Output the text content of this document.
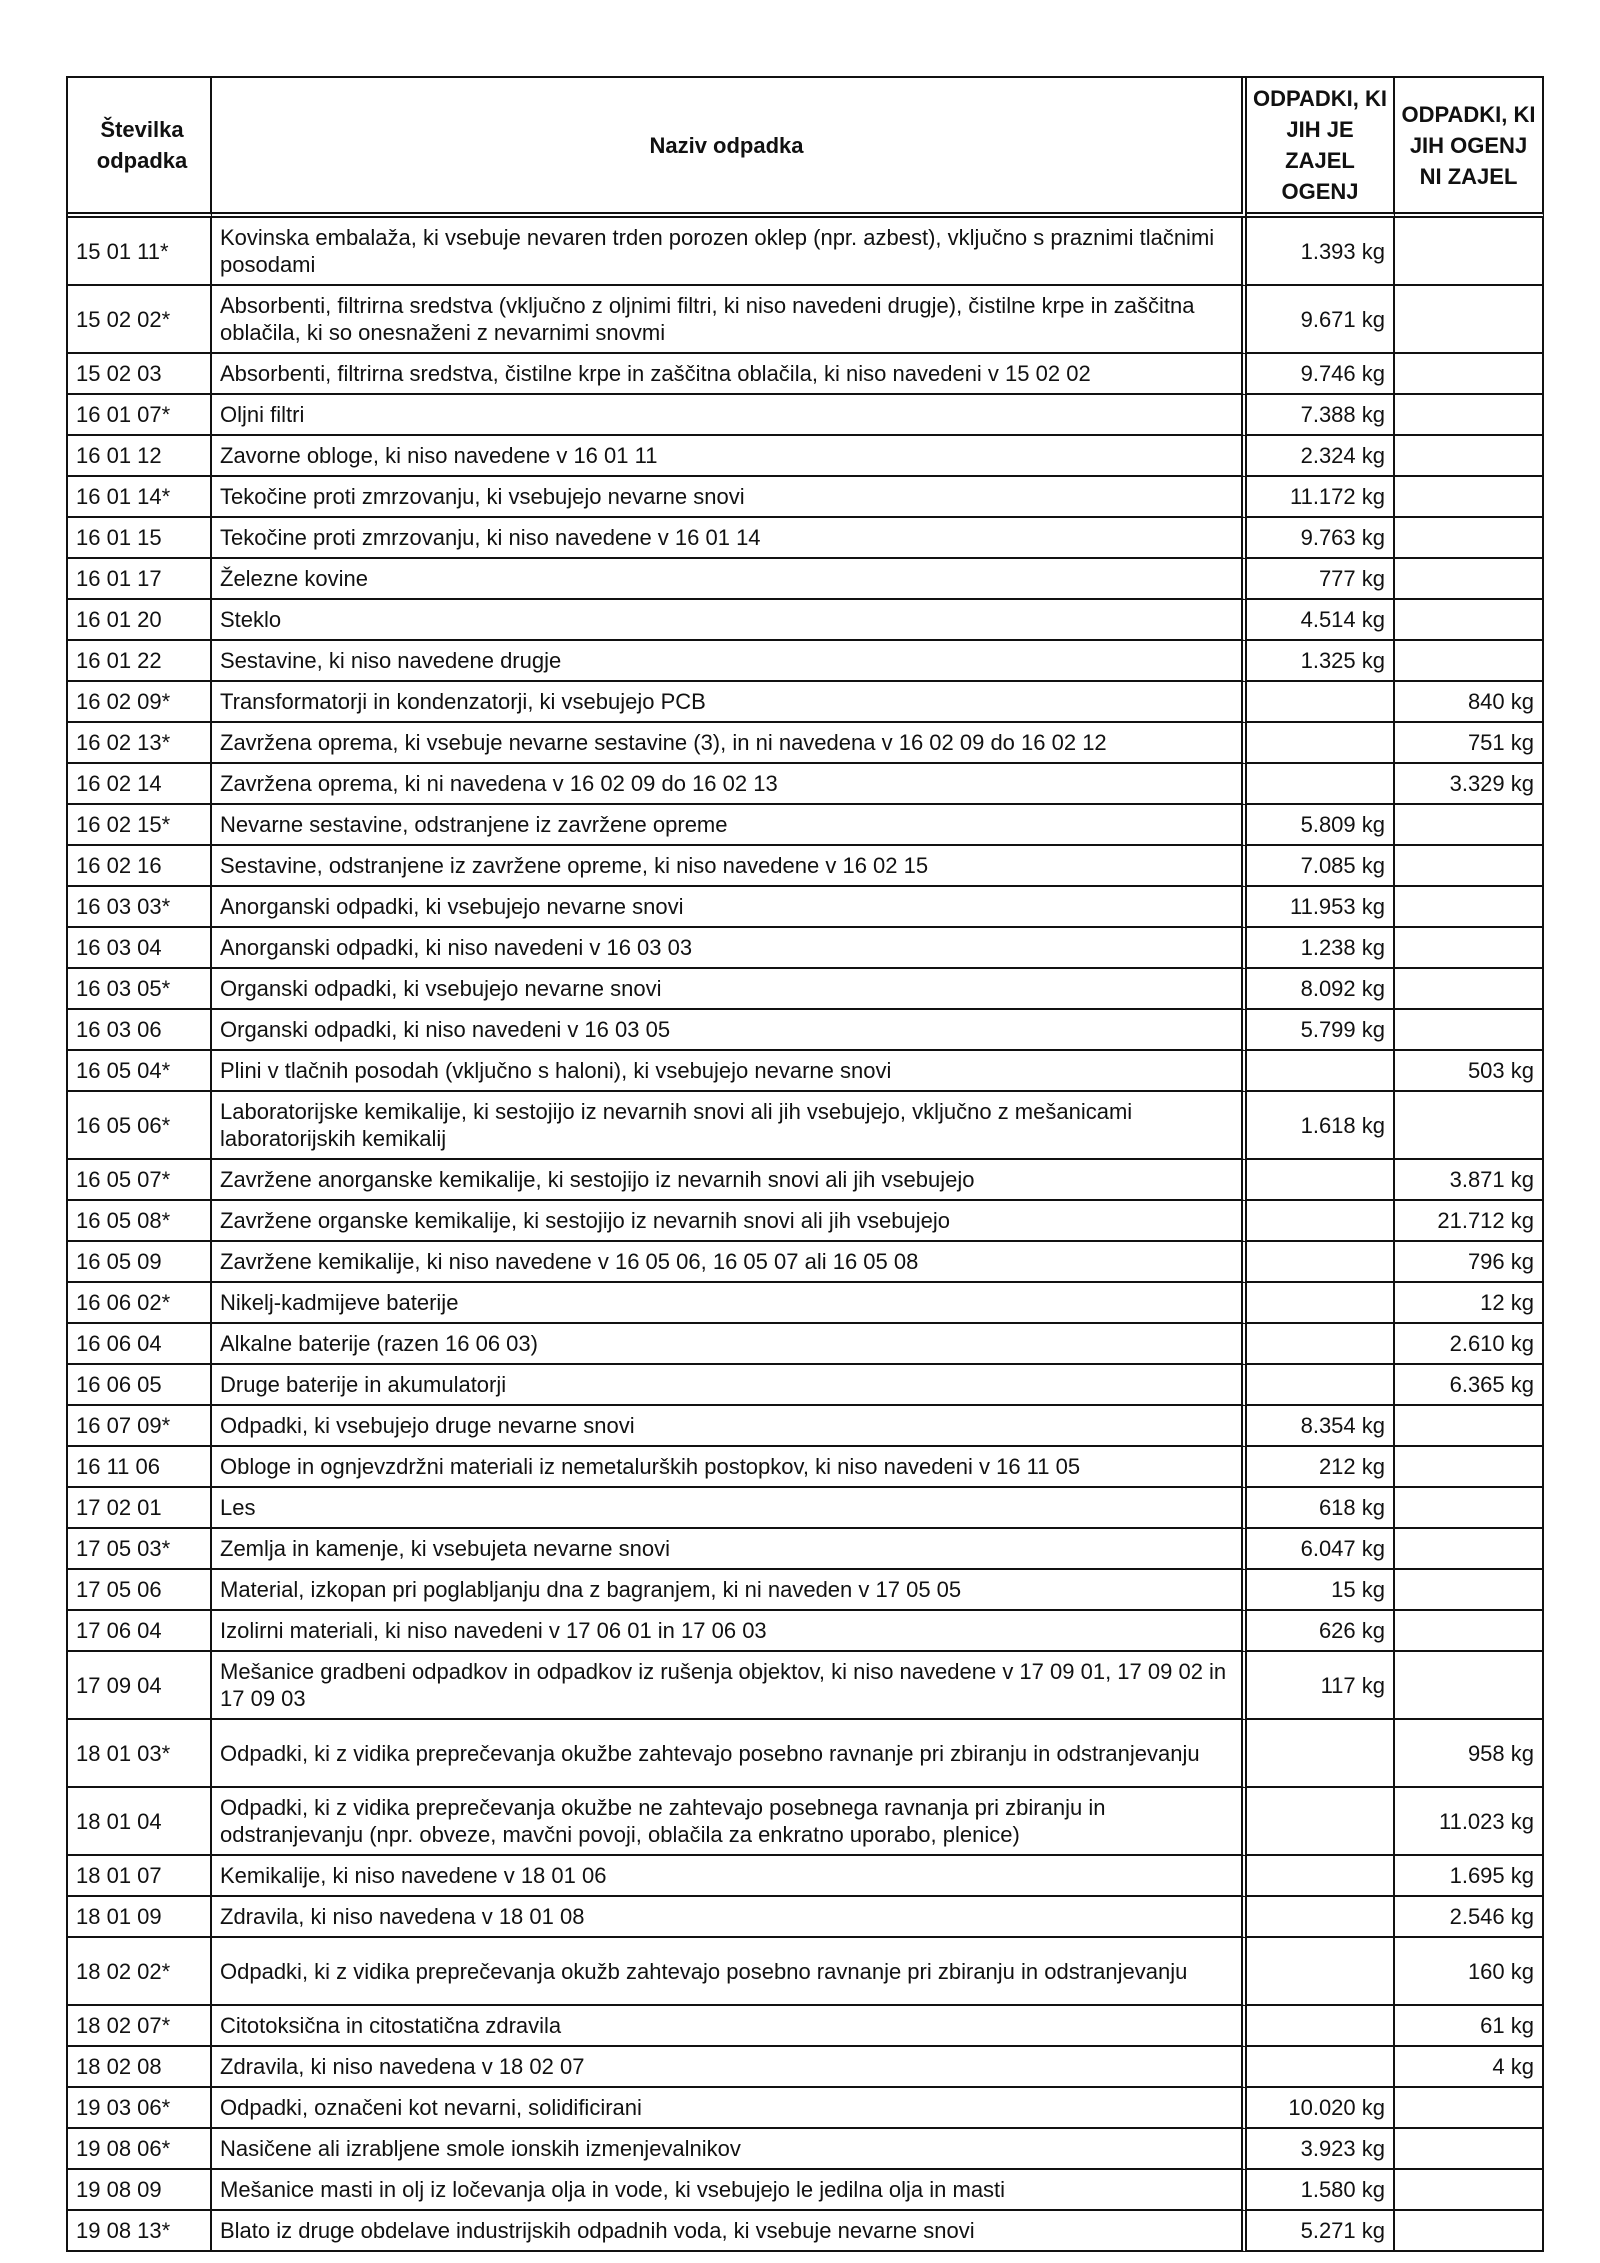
Številka odpadka	Naziv odpadka	ODPADKI, KI JIH JE ZAJEL OGENJ	ODPADKI, KI JIH OGENJ NI ZAJEL
15 01 11*	Kovinska embalaža, ki vsebuje nevaren trden porozen oklep (npr. azbest), vključno s praznimi tlačnimi posodami	1.393 kg	
15 02 02*	Absorbenti, filtrirna sredstva (vključno z oljnimi filtri, ki niso navedeni drugje), čistilne krpe in zaščitna oblačila, ki so onesnaženi z nevarnimi snovmi	9.671 kg	
15 02 03	Absorbenti, filtrirna sredstva, čistilne krpe in zaščitna oblačila, ki niso navedeni v 15 02 02	9.746 kg	
16 01 07*	Oljni filtri	7.388 kg	
16 01 12	Zavorne obloge, ki niso navedene v 16 01 11	2.324 kg	
16 01 14*	Tekočine proti zmrzovanju, ki vsebujejo nevarne snovi	11.172 kg	
16 01 15	Tekočine proti zmrzovanju, ki niso navedene v 16 01 14	9.763 kg	
16 01 17	Železne kovine	777 kg	
16 01 20	Steklo	4.514 kg	
16 01 22	Sestavine, ki niso navedene drugje	1.325 kg	
16 02 09*	Transformatorji in kondenzatorji, ki vsebujejo PCB		840 kg
16 02 13*	Zavržena oprema, ki vsebuje nevarne sestavine (3), in ni navedena v 16 02 09 do 16 02 12		751 kg
16 02 14	Zavržena oprema, ki ni navedena v 16 02 09 do 16 02 13		3.329 kg
16 02 15*	Nevarne sestavine, odstranjene iz zavržene opreme	5.809 kg	
16 02 16	Sestavine, odstranjene iz zavržene opreme, ki niso navedene v 16 02 15	7.085 kg	
16 03 03*	Anorganski odpadki, ki vsebujejo nevarne snovi	11.953 kg	
16 03 04	Anorganski odpadki, ki niso navedeni v 16 03 03	1.238 kg	
16 03 05*	Organski odpadki, ki vsebujejo nevarne snovi	8.092 kg	
16 03 06	Organski odpadki, ki niso navedeni v 16 03 05	5.799 kg	
16 05 04*	Plini v tlačnih posodah (vključno s haloni), ki vsebujejo nevarne snovi		503 kg
16 05 06*	Laboratorijske kemikalije, ki sestojijo iz nevarnih snovi ali jih vsebujejo, vključno z mešanicami laboratorijskih kemikalij	1.618 kg	
16 05 07*	Zavržene anorganske kemikalije, ki sestojijo iz nevarnih snovi ali jih vsebujejo		3.871 kg
16 05 08*	Zavržene organske kemikalije, ki sestojijo iz nevarnih snovi ali jih vsebujejo		21.712 kg
16 05 09	Zavržene kemikalije, ki niso navedene v 16 05 06, 16 05 07 ali 16 05 08		796 kg
16 06 02*	Nikelj-kadmijeve baterije		12 kg
16 06 04	Alkalne baterije (razen 16 06 03)		2.610 kg
16 06 05	Druge baterije in akumulatorji		6.365 kg
16 07 09*	Odpadki, ki vsebujejo druge nevarne snovi	8.354 kg	
16 11 06	Obloge in ognjevzdržni materiali iz nemetalurških postopkov, ki niso navedeni v 16 11 05	212 kg	
17 02 01	Les	618 kg	
17 05 03*	Zemlja in kamenje, ki vsebujeta nevarne snovi	6.047 kg	
17 05 06	Material, izkopan pri poglabljanju dna z bagranjem, ki ni naveden v 17 05 05	15 kg	
17 06 04	Izolirni materiali, ki niso navedeni v 17 06 01 in 17 06 03	626 kg	
17 09 04	Mešanice gradbeni odpadkov in odpadkov iz rušenja objektov, ki niso navedene v 17 09 01, 17 09 02 in 17 09 03	117 kg	
18 01 03*	Odpadki, ki z vidika preprečevanja okužbe zahtevajo posebno ravnanje pri zbiranju in odstranjevanju		958 kg
18 01 04	Odpadki, ki z vidika preprečevanja okužbe ne zahtevajo posebnega ravnanja pri zbiranju in odstranjevanju (npr. obveze, mavčni povoji, oblačila za enkratno uporabo, plenice)		11.023 kg
18 01 07	Kemikalije, ki niso navedene v 18 01 06		1.695 kg
18 01 09	Zdravila, ki niso navedena v 18 01 08		2.546 kg
18 02 02*	Odpadki, ki z vidika preprečevanja okužb zahtevajo posebno ravnanje pri zbiranju in odstranjevanju		160 kg
18 02 07*	Citotoksična in citostatična zdravila		61 kg
18 02 08	Zdravila, ki niso navedena v 18 02 07		4 kg
19 03 06*	Odpadki, označeni kot nevarni, solidificirani	10.020 kg	
19 08 06*	Nasičene ali izrabljene smole ionskih izmenjevalnikov	3.923 kg	
19 08 09	Mešanice masti in olj iz ločevanja olja in vode, ki vsebujejo le jedilna olja in masti	1.580 kg	
19 08 13*	Blato iz druge obdelave industrijskih odpadnih voda, ki vsebuje nevarne snovi	5.271 kg	
